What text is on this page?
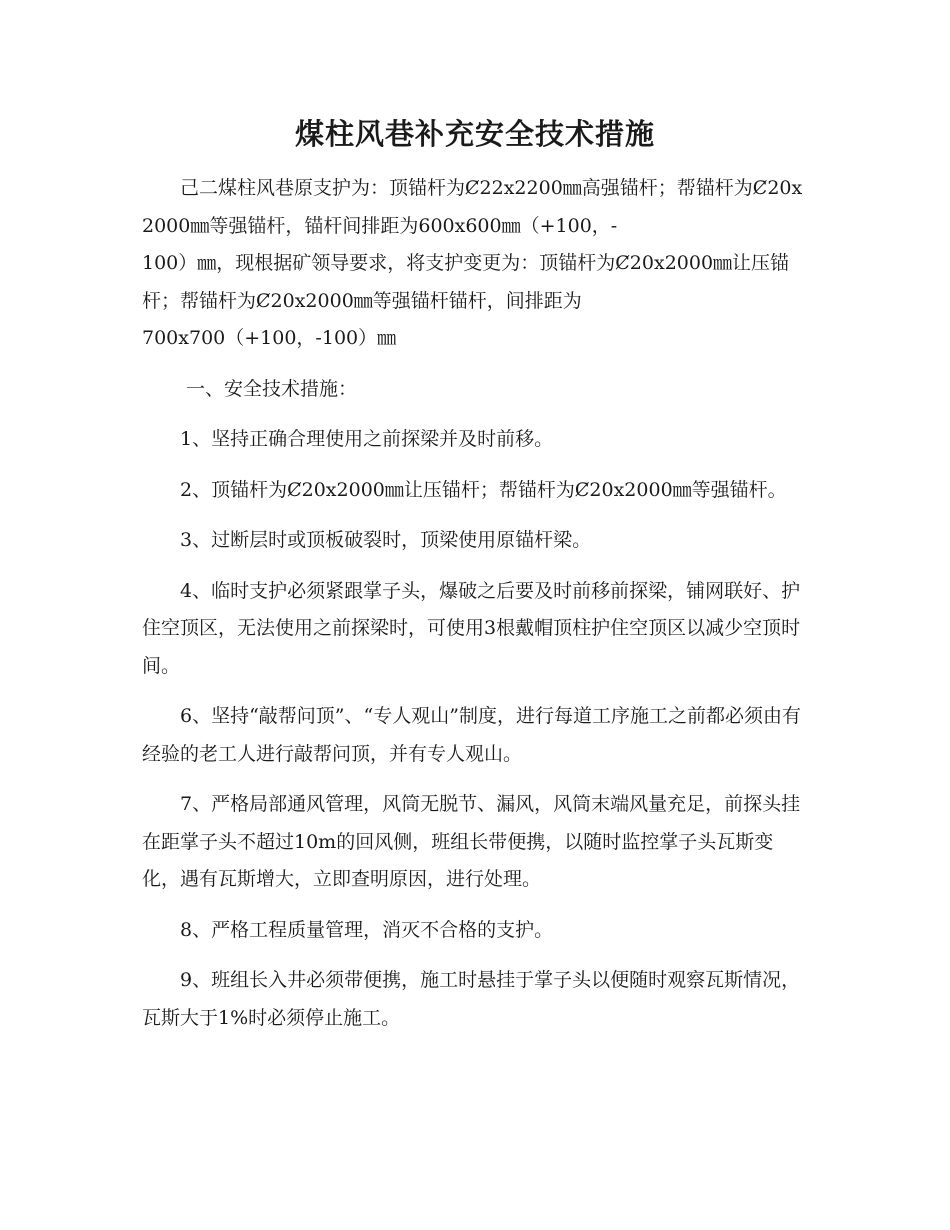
煤柱风巷补充安全技术措施

己二煤柱风巷原支护为：顶锚杆为Ȼ22x2200㎜高强锚杆；帮锚杆为Ȼ20x2000㎜等强锚杆，锚杆间排距为600x600㎜（+100，-
100）㎜，现根据矿领导要求，将支护变更为：顶锚杆为Ȼ20x2000㎜让压锚杆；帮锚杆为Ȼ20x2000㎜等强锚杆锚杆，间排距为
700x700（+100，-100）㎜

一、安全技术措施：

1、坚持正确合理使用之前探梁并及时前移。

2、顶锚杆为Ȼ20x2000㎜让压锚杆；帮锚杆为Ȼ20x2000㎜等强锚杆。

3、过断层时或顶板破裂时，顶梁使用原锚杆梁。

4、临时支护必须紧跟掌子头，爆破之后要及时前移前探梁，铺网联好、护住空顶区，无法使用之前探梁时，可使用3根戴帽顶柱护住空顶区以减少空顶时间。

6、坚持“敲帮问顶”、“专人观山”制度，进行每道工序施工之前都必须由有经验的老工人进行敲帮问顶，并有专人观山。

7、严格局部通风管理，风筒无脱节、漏风，风筒末端风量充足，前探头挂在距掌子头不超过10m的回风侧，班组长带便携，以随时监控掌子头瓦斯变化，遇有瓦斯增大，立即查明原因，进行处理。

8、严格工程质量管理，消灭不合格的支护。

9、班组长入井必须带便携，施工时悬挂于掌子头以便随时观察瓦斯情况，瓦斯大于1%时必须停止施工。
